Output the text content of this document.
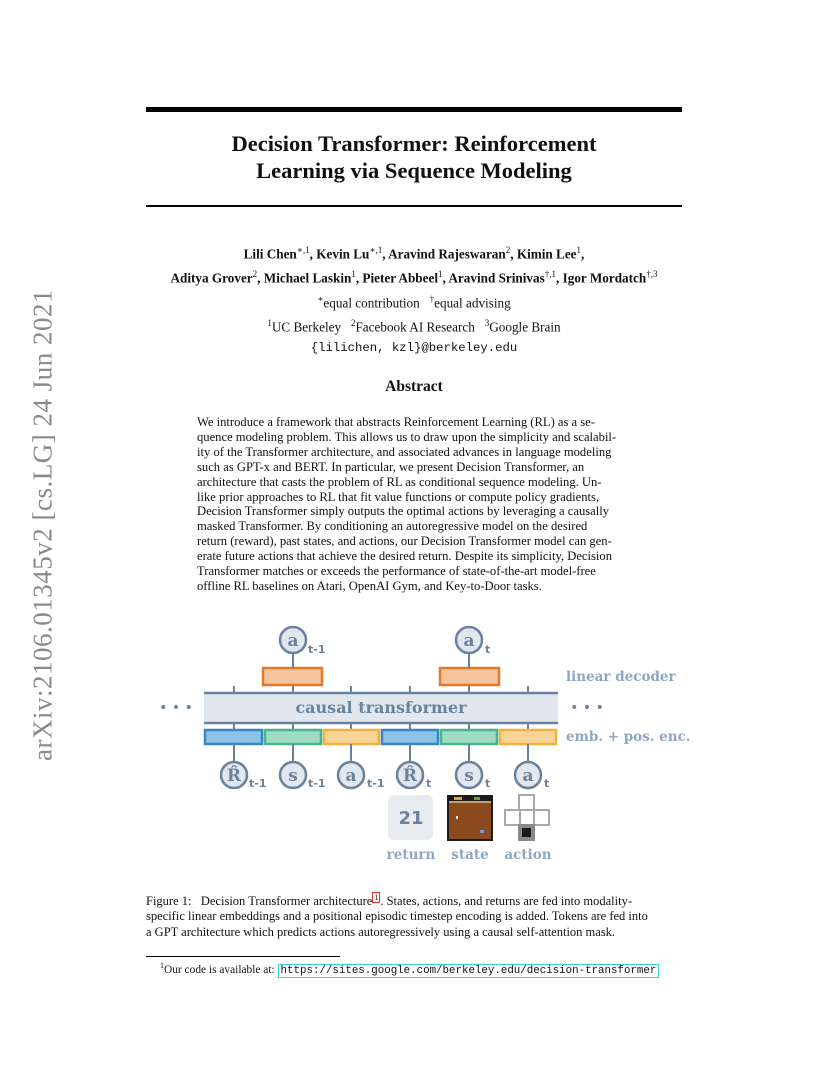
arXiv:2106.01345v2 [cs.LG] 24 Jun 2021
Decision Transformer: Reinforcement
Learning via Sequence Modeling
Lili Chen$^{∗,1}$, Kevin $Lu^{∗,1}$, Aravind Rajeswaran$^2$, Kimin Lee$^1$,
Aditya Grover$^2$, Michael Laskin$^1$, Pieter Abbeel$^1$, Aravind Srinivas$^{\dagger,1}$, Igor Mordatch$^{\dagger,3}$
∗equal contribution †equal advising
$^1$UC Berkeley $^2$Facebook AI Research $^3$Google Brain
{lilichen, kzl}@berkeley.edu
Abstract
We introduce a framework that abstracts Reinforcement Learning (RL) as a se-
quence modeling problem. This allows us to draw upon the simplicity and scalabil-
ity of the Transformer architecture, and associated advances in language modeling
such as GPT-x and BERT. In particular, we present Decision Transformer, an
architecture that casts the problem of RL as conditional sequence modeling. Un-
like prior approaches to RL that fit value functions or compute policy gradients,
Decision Transformer simply outputs the optimal actions by leveraging a causally
masked Transformer. By conditioning an autoregressive model on the desired
return (reward), past states, and actions, our Decision Transformer model can gen-
erate future actions that achieve the desired return. Despite its simplicity, Decision
Transformer matches or exceeds the performance of state-of-the-art model-free
offline RL baselines on Atari, OpenAI Gym, and Key-to-Door tasks.
causal transformer
• • •	• • •
linear decoder
a t-1	a t
emb. + pos. enc.
R̂ t-1 s t-1 a t-1 R̂ t s t a t
21
return state action
Figure 1: Decision Transformer architecture $^1$ . States, actions, and returns are fed into modality-
specific linear embeddings and a positional episodic timestep encoding is added. Tokens are fed into
a GPT architecture which predicts actions autoregressively using a causal self-attention mask.
$^1$Our code is available at: https://sites.google.com/berkeley.edu/decision-transformer
